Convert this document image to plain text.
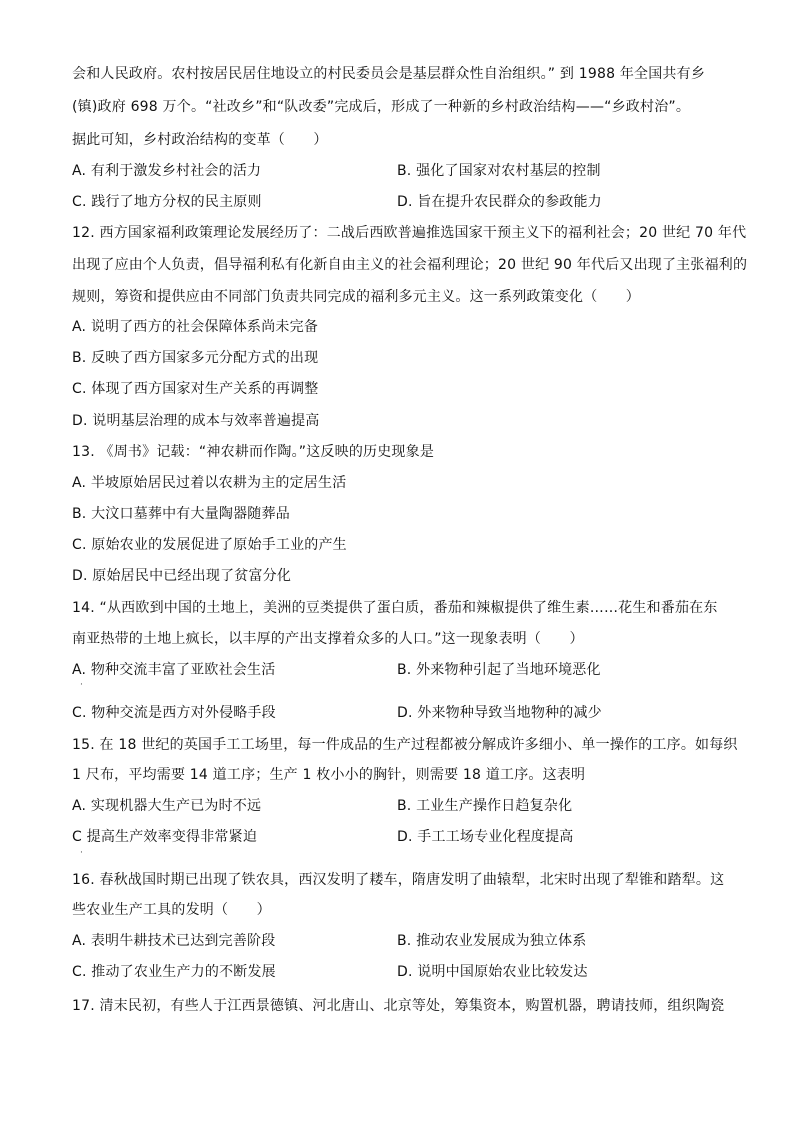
会和人民政府。农村按居民居住地设立的村民委员会是基层群众性自治组织。” 到 1988 年全国共有乡
(镇)政府 698 万个。“社改乡”和“队改委”完成后，形成了一种新的乡村政治结构——“乡政村治”。
据此可知，乡村政治结构的变革（　　）
A. 有利于激发乡村社会的活力	B. 强化了国家对农村基层的控制
C. 践行了地方分权的民主原则	D. 旨在提升农民群众的参政能力
12. 西方国家福利政策理论发展经历了：二战后西欧普遍推选国家干预主义下的福利社会；20 世纪 70 年代
出现了应由个人负责，倡导福利私有化新自由主义的社会福利理论；20 世纪 90 年代后又出现了主张福利的
规则，筹资和提供应由不同部门负责共同完成的福利多元主义。这一系列政策变化（　　）
A. 说明了西方的社会保障体系尚未完备
B. 反映了西方国家多元分配方式的出现
C. 体现了西方国家对生产关系的再调整
D. 说明基层治理的成本与效率普遍提高
13. 《周书》记载：“神农耕而作陶。”这反映的历史现象是
A. 半坡原始居民过着以农耕为主的定居生活
B. 大汶口墓葬中有大量陶器随葬品
C. 原始农业的发展促进了原始手工业的产生
D. 原始居民中已经出现了贫富分化
14. “从西欧到中国的土地上，美洲的豆类提供了蛋白质，番茄和辣椒提供了维生素……花生和番茄在东
南亚热带的土地上疯长，以丰厚的产出支撑着众多的人口。”这一现象表明（　　）
A. 物种交流丰富了亚欧社会生活	B. 外来物种引起了当地环境恶化
·
C. 物种交流是西方对外侵略手段	D. 外来物种导致当地物种的减少
15. 在 18 世纪的英国手工工场里，每一件成品的生产过程都被分解成许多细小、单一操作的工序。如每织
1 尺布，平均需要 14 道工序；生产 1 枚小小的胸针，则需要 18 道工序。这表明
A. 实现机器大生产已为时不远	B. 工业生产操作日趋复杂化
C 提高生产效率变得非常紧迫	D. 手工工场专业化程度提高
·
16. 春秋战国时期已出现了铁农具，西汉发明了耧车，隋唐发明了曲辕犁，北宋时出现了犁锥和踏犁。这
些农业生产工具的发明（　　）
A. 表明牛耕技术已达到完善阶段	B. 推动农业发展成为独立体系
C. 推动了农业生产力的不断发展	D. 说明中国原始农业比较发达
17. 清末民初，有些人于江西景德镇、河北唐山、北京等处，筹集资本，购置机器，聘请技师，组织陶瓷
